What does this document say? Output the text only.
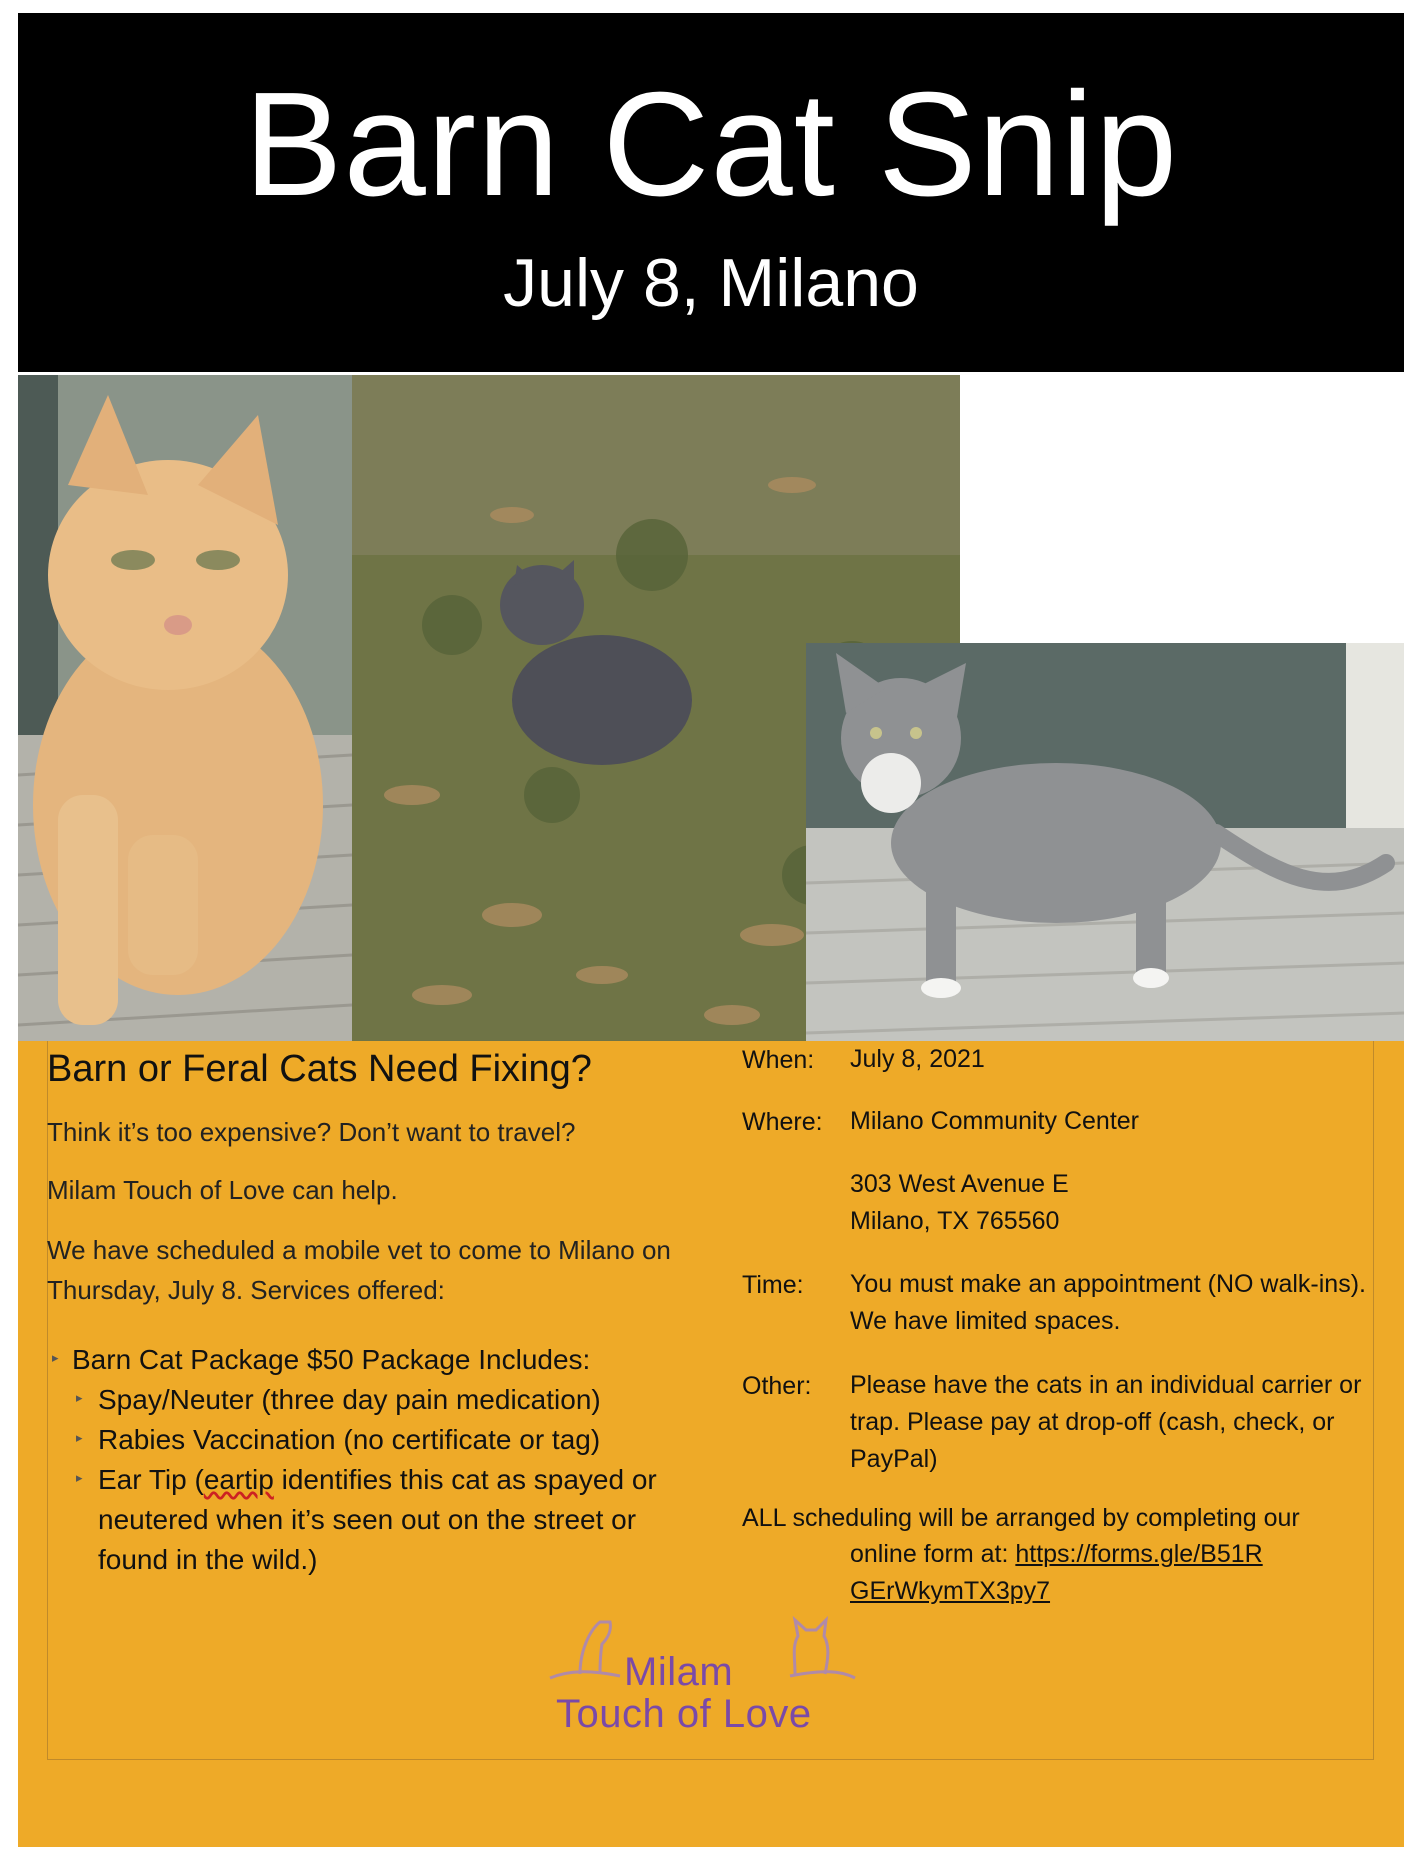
Barn Cat Snip
July 8, Milano
Barn or Feral Cats Need Fixing?
Think it’s too expensive? Don’t want to travel?
Milam Touch of Love can help.
We have scheduled a mobile vet to come to Milano on Thursday, July 8. Services offered:
▸ Barn Cat Package $50 Package Includes:
▸ Spay/Neuter (three day pain medication)
▸ Rabies Vaccination (no certificate or tag)
▸ Ear Tip (eartip identifies this cat as spayed or neutered when it’s seen out on the street or found in the wild.)
When: July 8, 2021
Where: Milano Community Center
303 West Avenue E
Milano, TX 765560
Time: You must make an appointment (NO walk-ins). We have limited spaces.
Other: Please have the cats in an individual carrier or trap. Please pay at drop-off (cash, check, or PayPal)
ALL scheduling will be arranged by completing our
online form at: https://forms.gle/B51RGErWkymTX3py7
Milam
Touch of Love
